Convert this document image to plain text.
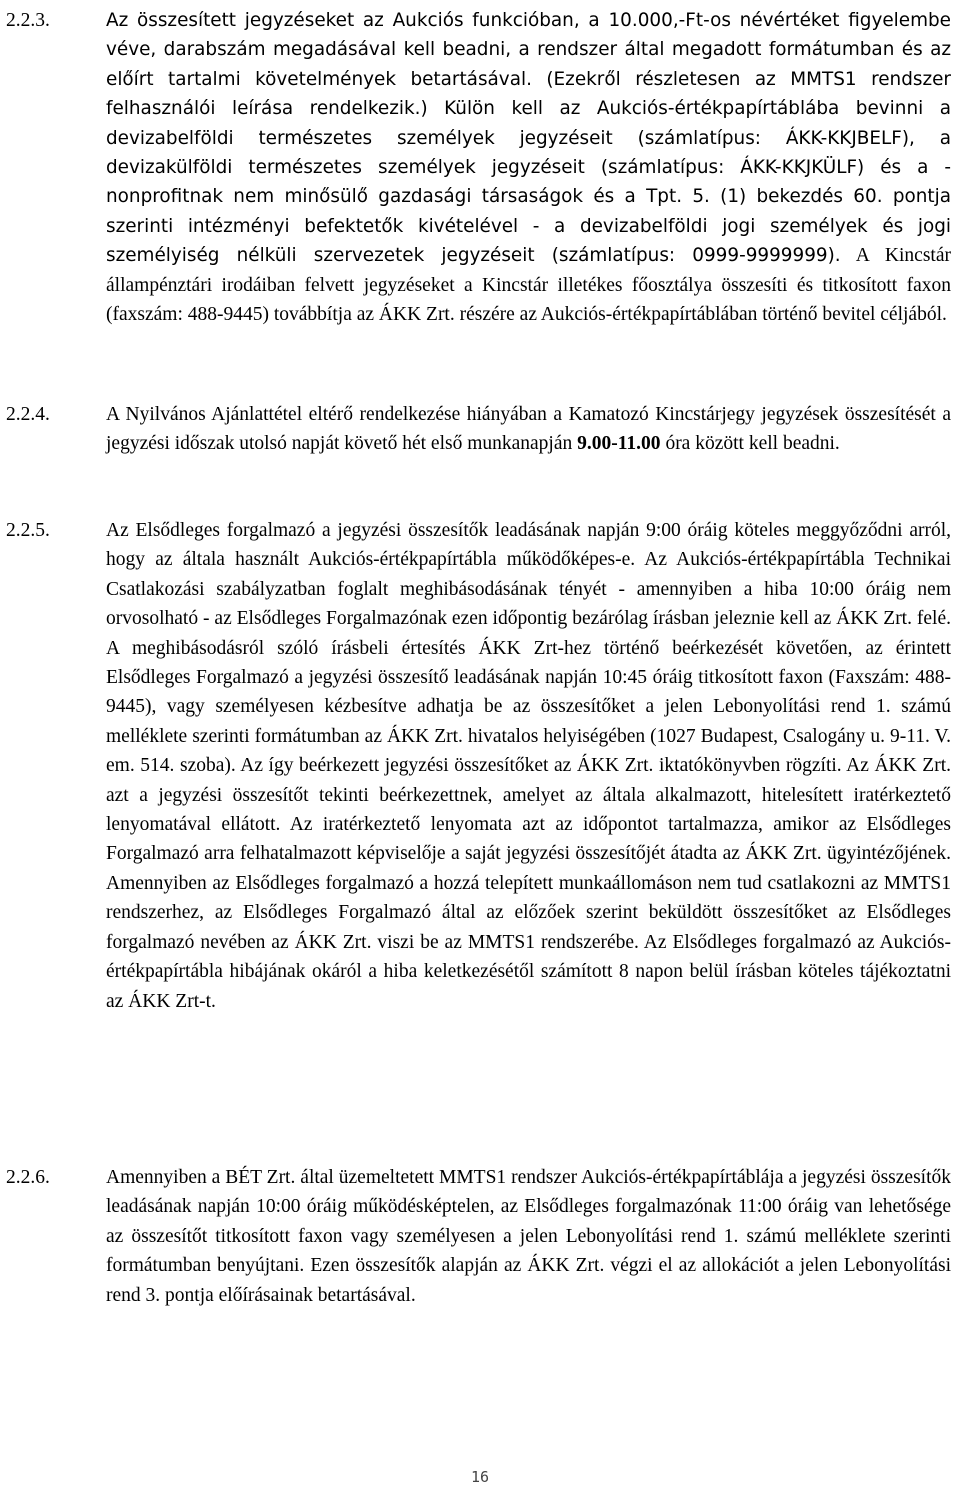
2.2.3.	Az összesített jegyzéseket az Aukciós funkcióban, a 10.000,-Ft-os névértéket figyelembe véve, darabszám megadásával kell beadni, a rendszer által megadott formátumban és az előírt tartalmi követelmények betartásával. (Ezekről részletesen az MMTS1 rendszer felhasználói leírása rendelkezik.) Külön kell az Aukciós-értékpapírtáblába bevinni a devizabelföldi természetes személyek jegyzéseit (számlatípus: ÁKK-KKJBELF), a devizakülföldi természetes személyek jegyzéseit (számlatípus: ÁKK-KKJKÜLF) és a - nonprofitnak nem minősülő gazdasági társaságok és a Tpt. 5. (1) bekezdés 60. pontja szerinti intézményi befektetők kivételével - a devizabelföldi jogi személyek és jogi személyiség nélküli szervezetek jegyzéseit (számlatípus: 0999-9999999). A Kincstár állampénztári irodáiban felvett jegyzéseket a Kincstár illetékes főosztálya összesíti és titkosított faxon (faxszám: 488-9445) továbbítja az ÁKK Zrt. részére az Aukciós-értékpapírtáblában történő bevitel céljából.
2.2.4.	A Nyilvános Ajánlattétel eltérő rendelkezése hiányában a Kamatozó Kincstárjegy jegyzések összesítését a jegyzési időszak utolsó napját követő hét első munkanapján 9.00-11.00 óra között kell beadni.
2.2.5.	Az Elsődleges forgalmazó a jegyzési összesítők leadásának napján 9:00 óráig köteles meggyőződni arról, hogy az általa használt Aukciós-értékpapírtábla működőképes-e. Az Aukciós-értékpapírtábla Technikai Csatlakozási szabályzatban foglalt meghibásodásának tényét - amennyiben a hiba 10:00 óráig nem orvosolható - az Elsődleges Forgalmazónak ezen időpontig bezárólag írásban jeleznie kell az ÁKK Zrt. felé. A meghibásodásról szóló írásbeli értesítés ÁKK Zrt-hez történő beérkezését követően, az érintett Elsődleges Forgalmazó a jegyzési összesítő leadásának napján 10:45 óráig titkosított faxon (Faxszám: 488-9445), vagy személyesen kézbesítve adhatja be az összesítőket a jelen Lebonyolítási rend 1. számú melléklete szerinti formátumban az ÁKK Zrt. hivatalos helyiségében (1027 Budapest, Csalogány u. 9-11. V. em. 514. szoba). Az így beérkezett jegyzési összesítőket az ÁKK Zrt. iktatókönyvben rögzíti. Az ÁKK Zrt. azt a jegyzési összesítőt tekinti beérkezettnek, amelyet az általa alkalmazott, hitelesített iratérkeztető lenyomatával ellátott. Az iratérkeztető lenyomata azt az időpontot tartalmazza, amikor az Elsődleges Forgalmazó arra felhatalmazott képviselője a saját jegyzési összesítőjét átadta az ÁKK Zrt. ügyintézőjének. Amennyiben az Elsődleges forgalmazó a hozzá telepített munkaállomáson nem tud csatlakozni az MMTS1 rendszerhez, az Elsődleges Forgalmazó által az előzőek szerint beküldött összesítőket az Elsődleges forgalmazó nevében az ÁKK Zrt. viszi be az MMTS1 rendszerébe. Az Elsődleges forgalmazó az Aukciós-értékpapírtábla hibájának okáról a hiba keletkezésétől számított 8 napon belül írásban köteles tájékoztatni az ÁKK Zrt-t.
2.2.6.	Amennyiben a BÉT Zrt. által üzemeltetett MMTS1 rendszer Aukciós-értékpapírtáblája a jegyzési összesítők leadásának napján 10:00 óráig működésképtelen, az Elsődleges forgalmazónak 11:00 óráig van lehetősége az összesítőt titkosított faxon vagy személyesen a jelen Lebonyolítási rend 1. számú melléklete szerinti formátumban benyújtani. Ezen összesítők alapján az ÁKK Zrt. végzi el az allokációt a jelen Lebonyolítási rend 3. pontja előírásainak betartásával.
16
